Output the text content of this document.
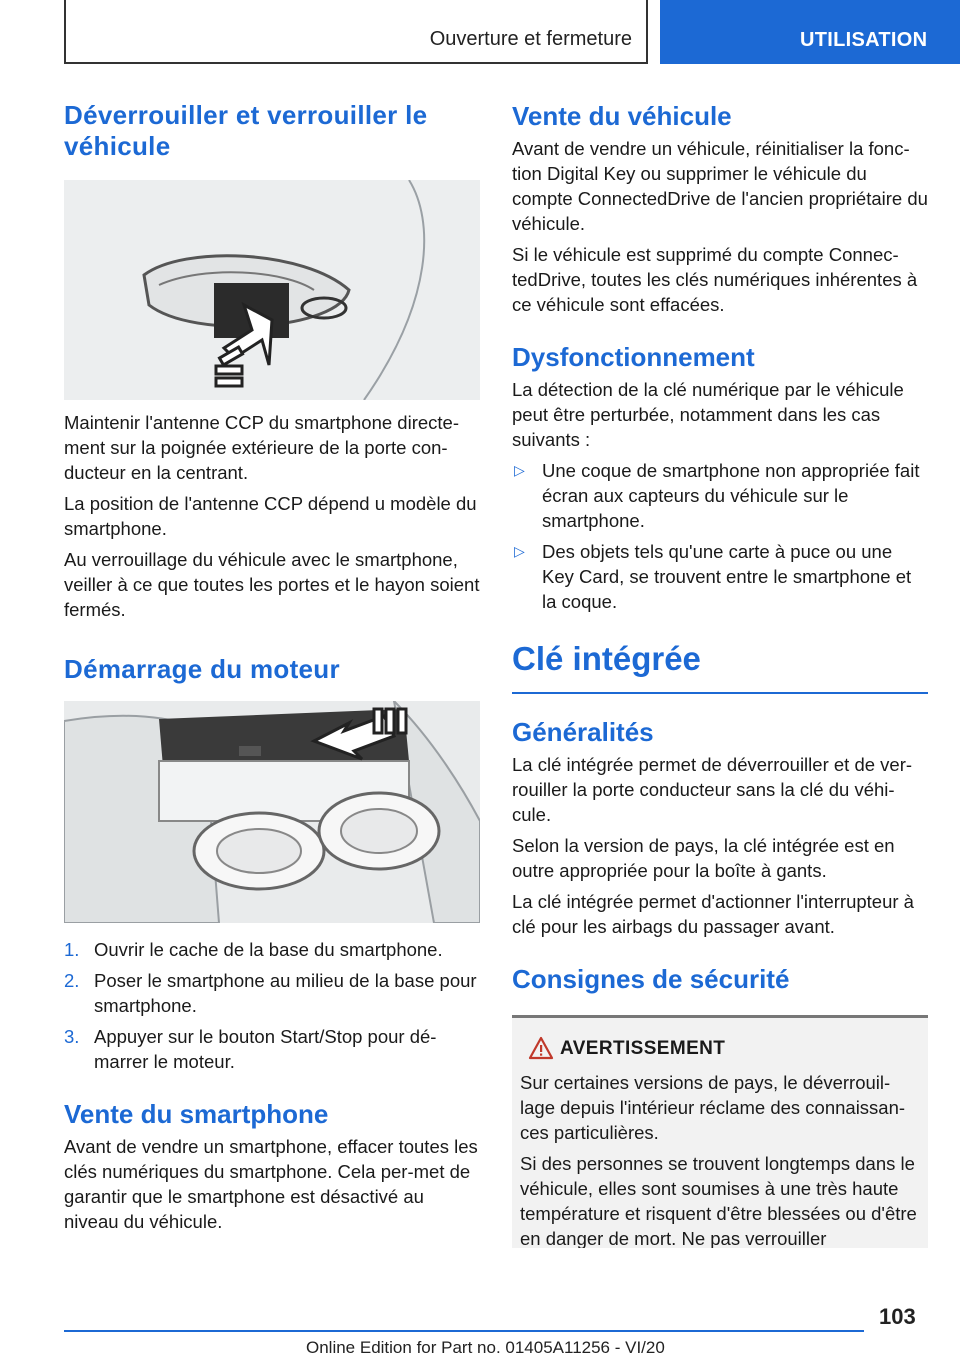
Ouverture et fermeture	UTILISATION
Déverrouiller et verrouiller le véhicule

Maintenir l'antenne CCP du smartphone directe-ment sur la poignée extérieure de la porte con-ducteur en la centrant.

La position de l'antenne CCP dépend u modèle du smartphone.

Au verrouillage du véhicule avec le smartphone, veiller à ce que toutes les portes et le hayon soient fermés.

Démarrage du moteur
1. Ouvrir le cache de la base du smartphone.
2. Poser le smartphone au milieu de la base pour smartphone.
3. Appuyer sur le bouton Start/Stop pour dé-marrer le moteur.
Vente du smartphone

Avant de vendre un smartphone, effacer toutes les clés numériques du smartphone. Cela per-met de garantir que le smartphone est désactivé au niveau du véhicule.

Vente du véhicule

Avant de vendre un véhicule, réinitialiser la fonc-tion Digital Key ou supprimer le véhicule du compte ConnectedDrive de l'ancien propriétaire du véhicule.

Si le véhicule est supprimé du compte Connec-tedDrive, toutes les clés numériques inhérentes à ce véhicule sont effacées.

Dysfonctionnement

La détection de la clé numérique par le véhicule peut être perturbée, notamment dans les cas suivants :

▷ Une coque de smartphone non appropriée fait écran aux capteurs du véhicule sur le smartphone.
▷ Des objets tels qu'une carte à puce ou une Key Card, se trouvent entre le smartphone et la coque.
Clé intégrée
Généralités

La clé intégrée permet de déverrouiller et de ver-rouiller la porte conducteur sans la clé du véhi-cule.

Selon la version de pays, la clé intégrée est en outre appropriée pour la boîte à gants.

La clé intégrée permet d'actionner l'interrupteur à clé pour les airbags du passager avant.

Consignes de sécurité
AVERTISSEMENT

Sur certaines versions de pays, le déverrouil-lage depuis l'intérieur réclame des connaissan-ces particulières.

Si des personnes se trouvent longtemps dans le véhicule, elles sont soumises à une très haute température et risquent d'être blessées ou d'être en danger de mort. Ne pas verrouiller

103
Online Edition for Part no. 01405A11256 - VI/20
